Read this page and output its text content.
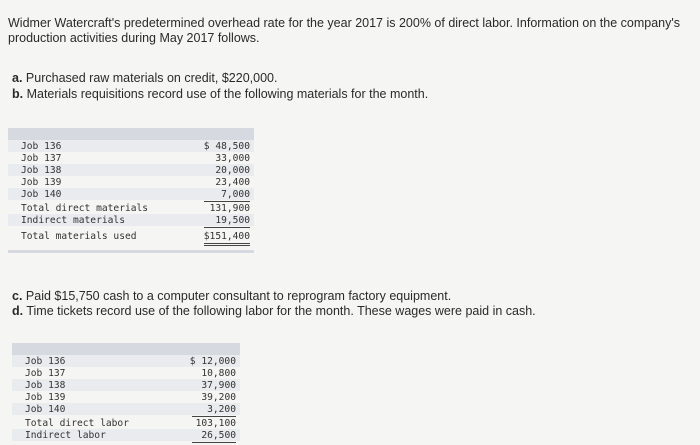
Widmer Watercraft's predetermined overhead rate for the year 2017 is 200% of direct labor. Information on the company's production activities during May 2017 follows.
a. Purchased raw materials on credit, $220,000.
b. Materials requisitions record use of the following materials for the month.
Job 136	$ 48,500
Job 137	33,000
Job 138	20,000
Job 139	23,400
Job 140	7,000
Total direct materials	131,900
Indirect materials	19,500
Total materials used	$151,400
c. Paid $15,750 cash to a computer consultant to reprogram factory equipment.
d. Time tickets record use of the following labor for the month. These wages were paid in cash.
Job 136	$ 12,000
Job 137	10,800
Job 138	37,900
Job 139	39,200
Job 140	3,200
Total direct labor	103,100
Indirect labor	26,500
